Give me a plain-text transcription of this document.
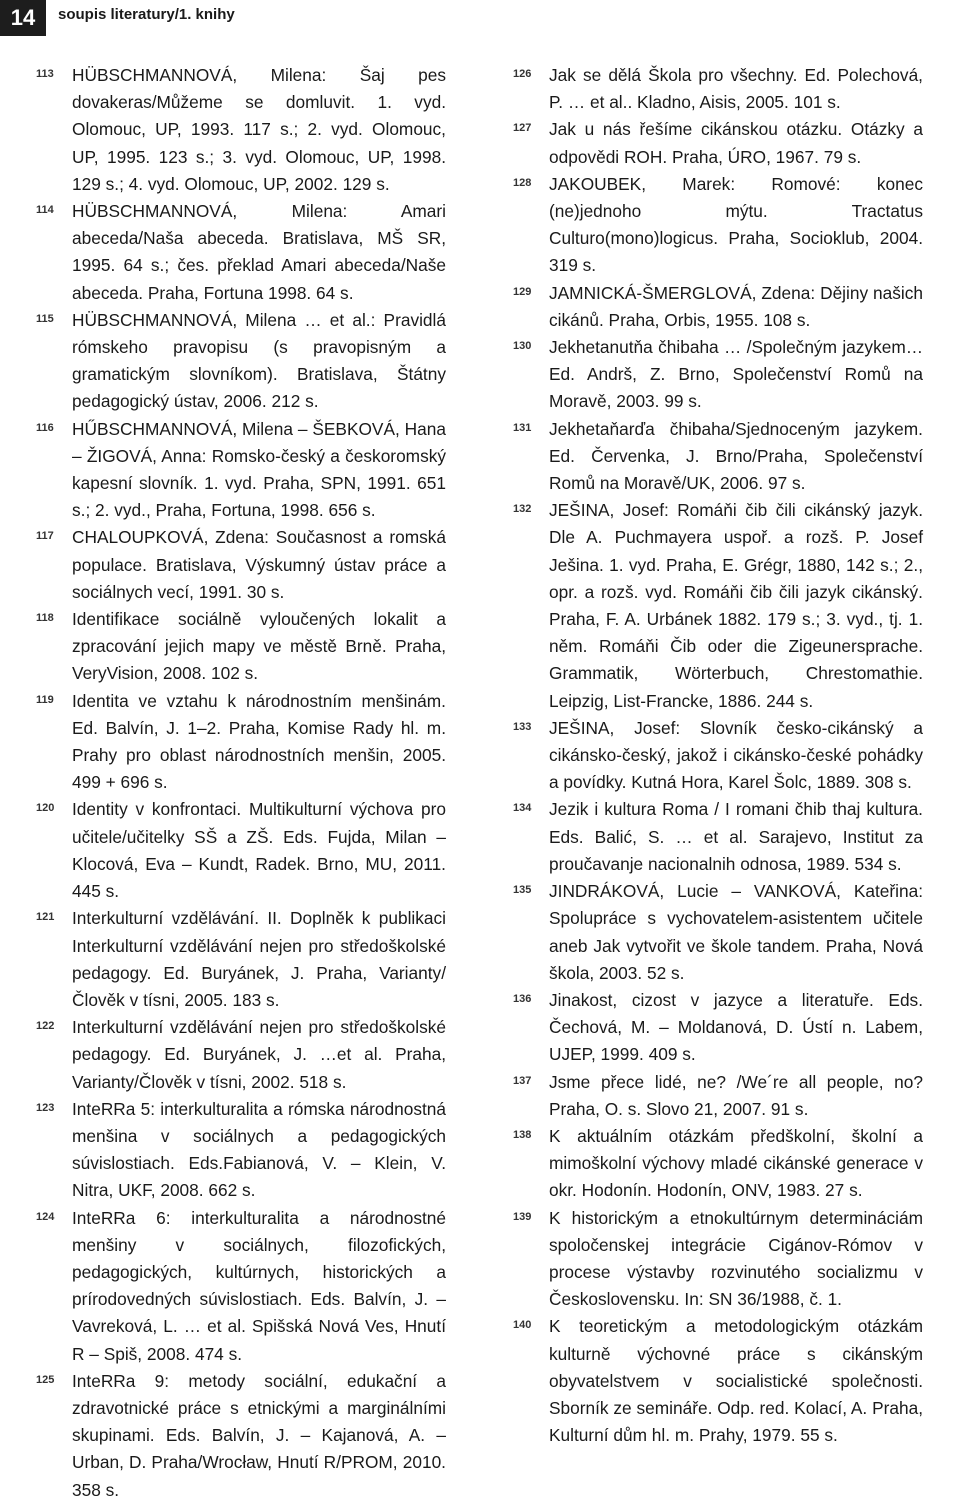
14	soupis literatury/1. knihy

113 HÜBSCHMANNOVÁ, Milena: Šaj pes dovakeras/Můžeme se domluvit. 1. vyd. Olomouc, UP, 1993. 117 s.; 2. vyd. Olomouc, UP, 1995. 123 s.; 3. vyd. Olomouc, UP, 1998. 129 s.; 4. vyd. Olomouc, UP, 2002. 129 s.

114 HÜBSCHMANNOVÁ, Milena: Amari abeceda/Naša abeceda. Bratislava, MŠ SR, 1995. 64 s.; čes. překlad Amari abeceda/Naše abeceda. Praha, Fortuna 1998. 64 s.

115 HÜBSCHMANNOVÁ, Milena … et al.: Pravidlá rómskeho pravopisu (s pravopisným a gramatickým slovníkom). Bratislava, Štátny pedagogický ústav, 2006. 212 s.

116 HŰBSCHMANNOVÁ, Milena – ŠEBKOVÁ, Hana – ŽIGOVÁ, Anna: Romsko-český a českoromský kapesní slovník. 1. vyd. Praha, SPN, 1991. 651 s.; 2. vyd., Praha, Fortuna, 1998. 656 s.

117 CHALOUPKOVÁ, Zdena: Současnost a romská populace. Bratislava, Výskumný ústav práce a sociálnych vecí, 1991. 30 s.

118 Identifikace sociálně vyloučených lokalit a zpracování jejich mapy ve městě Brně. Praha, VeryVision, 2008. 102 s.

119 Identita ve vztahu k národnostním menšinám. Ed. Balvín, J. 1–2. Praha, Komise Rady hl. m. Prahy pro oblast národnostních menšin, 2005. 499 + 696 s.

120 Identity v konfrontaci. Multikulturní výchova pro učitele/učitelky SŠ a ZŠ. Eds. Fujda, Milan – Klocová, Eva – Kundt, Radek. Brno, MU, 2011. 445 s.

121 Interkulturní vzdělávání. II. Doplněk k publikaci Interkulturní vzdělávání nejen pro středoškolské pedagogy. Ed. Buryánek, J. Praha, Varianty/Člověk v tísni, 2005. 183 s.

122 Interkulturní vzdělávání nejen pro středoškolské pedagogy. Ed. Buryánek, J. …et al. Praha, Varianty/Člověk v tísni, 2002. 518 s.

123 InteRRa 5: interkulturalita a rómska národnostná menšina v sociálnych a pedagogických súvislostiach. Eds.Fabianová, V. – Klein, V. Nitra, UKF, 2008. 662 s.

124 InteRRa 6: interkulturalita a národnostné menšiny v sociálnych, filozofických, pedagogických, kultúrnych, historických a prírodovedných súvislostiach. Eds. Balvín, J. – Vavreková, L. … et al. Spišská Nová Ves, Hnutí R – Spiš, 2008. 474 s.

125 InteRRa 9: metody sociální, edukační a zdravotnické práce s etnickými a marginálními skupinami. Eds. Balvín, J. – Kajanová, A. – Urban, D. Praha/Wrocław, Hnutí R/PROM, 2010. 358 s.

126 Jak se dělá Škola pro všechny. Ed. Polechová, P. … et al.. Kladno, Aisis, 2005. 101 s.

127 Jak u nás řešíme cikánskou otázku. Otázky a odpovědi ROH. Praha, ÚRO, 1967. 79 s.

128 JAKOUBEK, Marek: Romové: konec (ne)jednoho mýtu. Tractatus Culturo(mono)logicus. Praha, Socioklub, 2004. 319 s.

129 JAMNICKÁ-ŠMERGLOVÁ, Zdena: Dějiny našich cikánů. Praha, Orbis, 1955. 108 s.

130 Jekhetanutňa čhibaha … /Společným jazykem… Ed. Andrš, Z. Brno, Společenství Romů na Moravě, 2003. 99 s.

131 Jekhetaňarďa čhibaha/Sjednoceným jazykem. Ed. Červenka, J. Brno/Praha, Společenství Romů na Moravě/UK, 2006. 97 s.

132 JEŠINA, Josef: Romáňi čib čili cikánský jazyk. Dle A. Puchmayera uspoř. a rozš. P. Josef Ješina. 1. vyd. Praha, E. Grégr, 1880, 142 s.; 2., opr. a rozš. vyd. Romáňi čib čili jazyk cikánský. Praha, F. A. Urbánek 1882. 179 s.; 3. vyd., tj. 1. něm. Romáňi Čib oder die Zigeunersprache. Grammatik, Wörterbuch, Chrestomathie. Leipzig, List-Francke, 1886. 244 s.

133 JEŠINA, Josef: Slovník česko-cikánský a cikánsko-český, jakož i cikánsko-české pohádky a povídky. Kutná Hora, Karel Šolc, 1889. 308 s.

134 Jezik i kultura Roma / I romani čhib thaj kultura. Eds. Balić, S. … et al. Sarajevo, Institut za proučavanje nacionalnih odnosa, 1989. 534 s.

135 JINDRÁKOVÁ, Lucie – VANKOVÁ, Kateřina: Spolupráce s vychovatelem-asistentem učitele aneb Jak vytvořit ve škole tandem. Praha, Nová škola, 2003. 52 s.

136 Jinakost, cizost v jazyce a literatuře. Eds. Čechová, M. – Moldanová, D. Ústí n. Labem, UJEP, 1999. 409 s.

137 Jsme přece lidé, ne? /We´re all people, no? Praha, O. s. Slovo 21, 2007. 91 s.

138 K aktuálním otázkám předškolní, školní a mimoškolní výchovy mladé cikánské generace v okr. Hodonín. Hodonín, ONV, 1983. 27 s.

139 K historickým a etnokultúrnym determináciám spoločenskej integrácie Cigánov-Rómov v procese výstavby rozvinutého socializmu v Československu. In: SN 36/1988, č. 1.

140 K teoretickým a metodologickým otázkám kulturně výchovné práce s cikánským obyvatelstvem v socialistické společnosti. Sborník ze semináře. Odp. red. Kolací, A. Praha, Kulturní dům hl. m. Prahy, 1979. 55 s.
